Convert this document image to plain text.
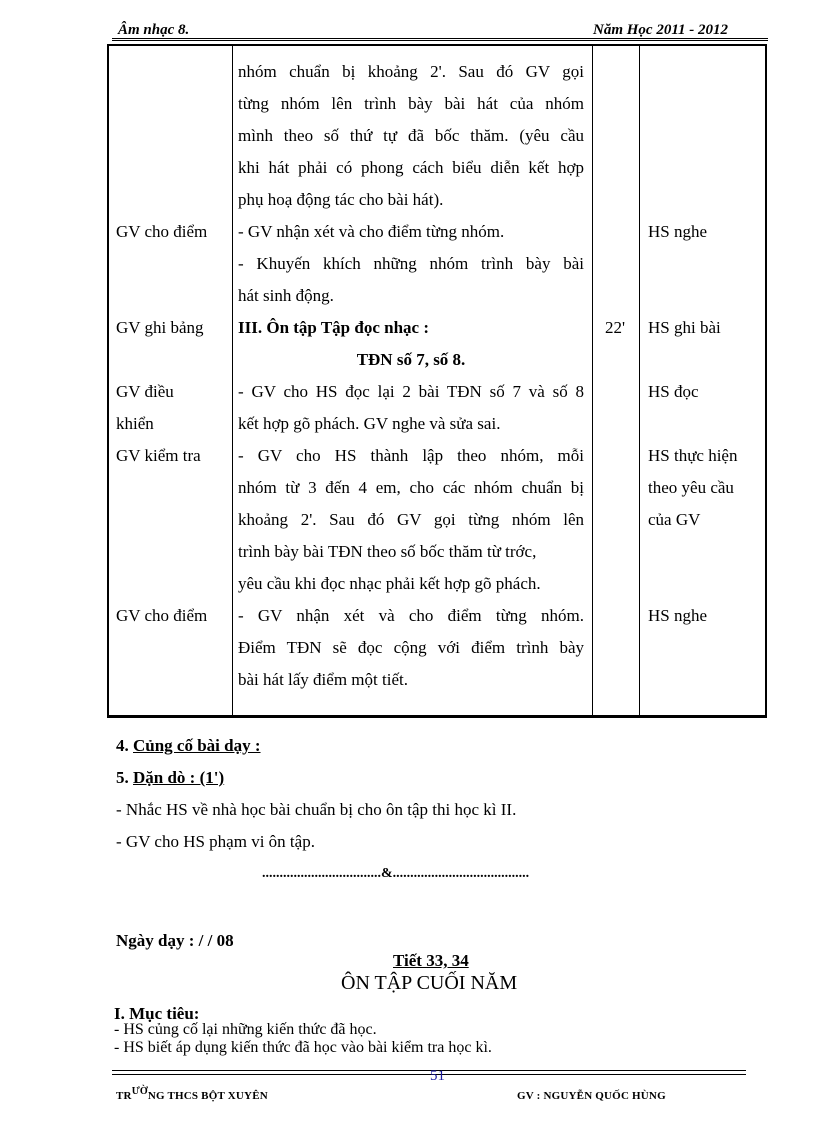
Âm nhạc 8.	Năm Học 2011 - 2012

GV cho điểm

GV ghi bảng

GV điều

khiển

GV kiểm tra

GV cho điểm

nhóm chuẩn bị khoảng 2'. Sau đó GV gọi

từng nhóm lên trình bày bài hát của nhóm

mình theo số thứ tự đã bốc thăm. (yêu cầu

khi hát phải có phong cách biểu diễn kết hợp

phụ hoạ động tác cho bài hát).

- GV nhận xét và cho điểm từng nhóm.

- Khuyến khích những nhóm trình bày bài

hát sinh động.

III. Ôn tập Tập đọc nhạc :

TĐN số 7, số 8.

- GV cho HS đọc lại 2 bài TĐN số 7 và số 8

kết hợp gõ phách. GV nghe và sửa sai.

- GV cho HS thành lập theo nhóm, mỗi

nhóm từ 3 đến 4 em, cho các nhóm chuẩn bị

khoảng 2'. Sau đó GV gọi từng nhóm lên

trình bày bài TĐN theo số bốc thăm từ trớc,

yêu cầu khi đọc nhạc phải kết hợp gõ phách.

- GV nhận xét và cho điểm từng nhóm.

Điểm TĐN sẽ đọc cộng với điểm trình bày

bài hát lấy điểm một tiết.

22'

HS nghe

HS ghi bài

HS đọc

HS thực hiện

theo yêu cầu

của GV

HS nghe

4. Củng cố bài dạy :
5. Dặn dò : (1')
- Nhắc HS về nhà học bài chuẩn bị cho ôn tập thi học kì II.
- GV cho HS phạm vi ôn tập.
..................................&.......................................
Ngày dạy : / / 08
Tiết 33, 34
ÔN TẬP CUỐI NĂM
I. Mục tiêu:
- HS củng cố lại những kiến thức đã học.
- HS biết áp dụng kiến thức đã học vào bài kiểm tra học kì.
51
TRƯỜNG THCS BỘT XUYÊN	GV : NGUYỄN QUỐC HÙNG
